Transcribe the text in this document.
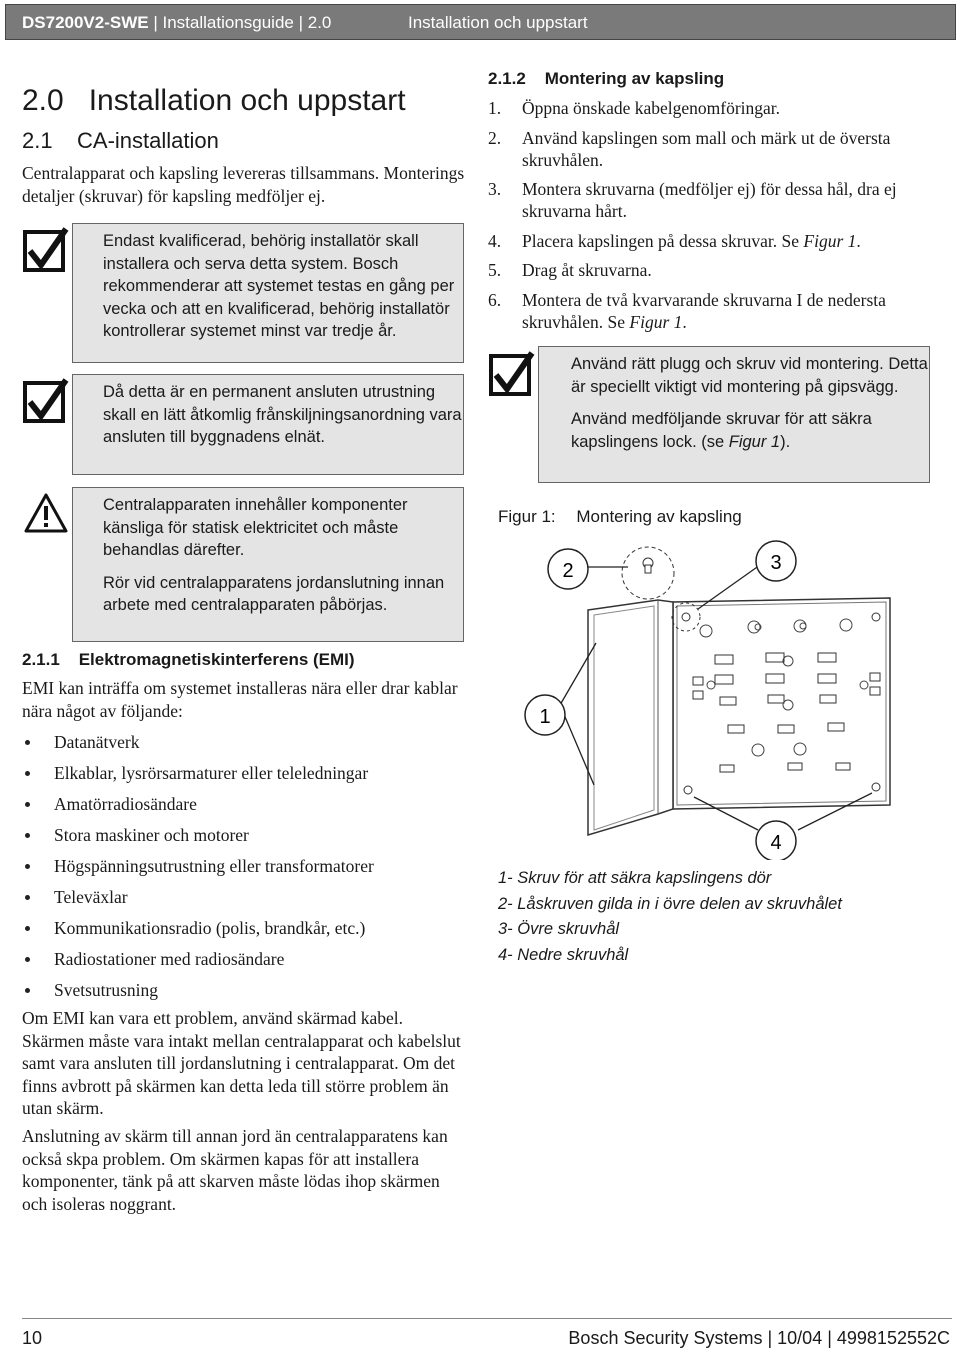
DS7200V2-SWE | Installationsguide | 2.0	Installation och uppstart
2.0   Installation och uppstart
2.1    CA-installation
Centralapparat och kapsling levereras tillsammans. Monterings detaljer (skruvar) för kapsling medföljer ej.

Endast kvalificerad, behörig installatör skall installera och serva detta system. Bosch rekommenderar att systemet testas en gång per vecka och att en kvalificerad, behörig installatör kontrollerar systemet minst var tredje år.

Då detta är en permanent ansluten utrustning skall en lätt åtkomlig frånskiljningsanordning vara ansluten till byggnadens elnät.

Centralapparaten innehåller komponenter känsliga för statisk elektricitet och måste behandlas därefter.

Rör vid centralapparatens jordanslutning innan arbete med centralapparaten påbörjas.

2.1.1    Elektromagnetiskinterferens (EMI)
EMI kan inträffa om systemet installeras nära eller drar kablar nära något av följande:
Datanätverk
Elkablar, lysrörsarmaturer eller teleledningar
Amatörradiosändare
Stora maskiner och motorer
Högspänningsutrustning eller transformatorer
Televäxlar
Kommunikationsradio (polis, brandkår, etc.)
Radiostationer med radiosändare
Svetsutrusning
Om EMI kan vara ett problem, använd skärmad kabel. Skärmen måste vara intakt mellan centralapparat och kabelslut samt vara ansluten till jordanslutning i centralapparat. Om det finns avbrott på skärmen kan detta leda till större problem än utan skärm.
Anslutning av skärm till annan jord än centralapparatens kan också skpa problem. Om skärmen kapas för att installera komponenter, tänk på att skarven måste lödas ihop skärmen och isoleras noggrant.
2.1.2    Montering av kapsling
1. Öppna önskade kabelgenomföringar.
2. Använd kapslingen som mall och märk ut de översta skruvhålen.
3. Montera skruvarna (medföljer ej) för dessa hål, dra ej skruvarna hårt.
4. Placera kapslingen på dessa skruvar. Se Figur 1.
5. Drag åt skruvarna.
6. Montera de två kvarvarande skruvarna I de nedersta skruvhålen. Se Figur 1.

Använd rätt plugg och skruv vid montering. Detta är speciellt viktigt vid montering på gipsvägg.

Använd medföljande skruvar för att säkra kapslingens lock. (se Figur 1).

Figur 1: Montering av kapsling
2	3
1
4
1- Skruv för att säkra kapslingens dör
2- Låskruven gilda in i övre delen av skruvhålet
3- Övre skruvhål
4- Nedre skruvhål
10	Bosch Security Systems | 10/04 | 4998152552C
